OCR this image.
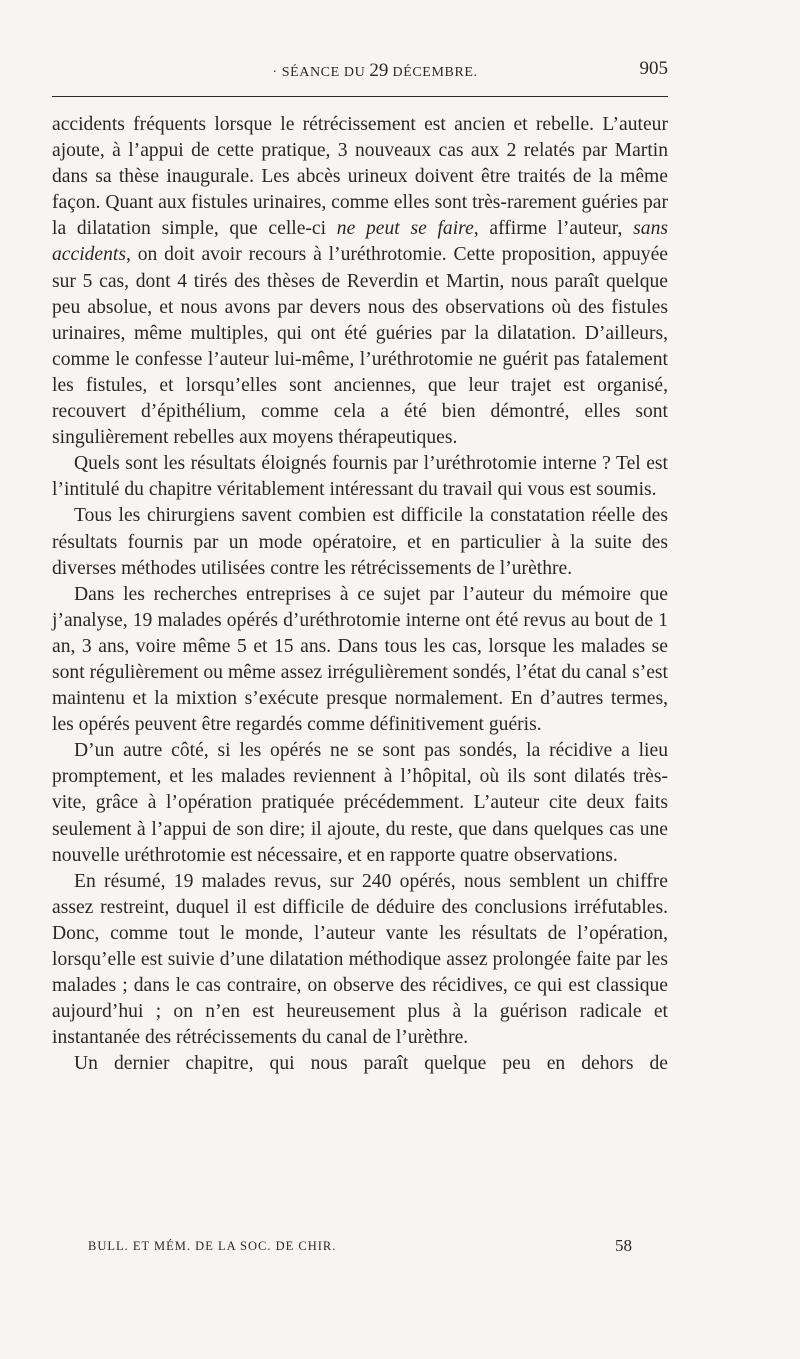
· SÉANCE DU 29 DÉCEMBRE.	905

accidents fréquents lorsque le rétrécissement est ancien et rebelle. L’auteur ajoute, à l’appui de cette pratique, 3 nouveaux cas aux 2 relatés par Martin dans sa thèse inaugurale. Les abcès urineux doivent être traités de la même façon. Quant aux fistules urinaires, comme elles sont très-rarement guéries par la dilatation simple, que celle-ci ne peut se faire, affirme l’auteur, sans accidents, on doit avoir recours à l’uréthrotomie. Cette proposition, appuyée sur 5 cas, dont 4 tirés des thèses de Reverdin et Martin, nous paraît quelque peu absolue, et nous avons par devers nous des observations où des fistules urinaires, même multiples, qui ont été guéries par la dilatation. D’ailleurs, comme le confesse l’auteur lui-même, l’uréthrotomie ne guérit pas fatalement les fistules, et lorsqu’elles sont anciennes, que leur trajet est organisé, recouvert d’épithélium, comme cela a été bien démontré, elles sont singulièrement rebelles aux moyens thérapeutiques.

Quels sont les résultats éloignés fournis par l’uréthrotomie interne ? Tel est l’intitulé du chapitre véritablement intéressant du travail qui vous est soumis.

Tous les chirurgiens savent combien est difficile la constatation réelle des résultats fournis par un mode opératoire, et en particulier à la suite des diverses méthodes utilisées contre les rétrécissements de l’urèthre.

Dans les recherches entreprises à ce sujet par l’auteur du mémoire que j’analyse, 19 malades opérés d’uréthrotomie interne ont été revus au bout de 1 an, 3 ans, voire même 5 et 15 ans. Dans tous les cas, lorsque les malades se sont régulièrement ou même assez irrégulièrement sondés, l’état du canal s’est maintenu et la mixtion s’exécute presque normalement. En d’autres termes, les opérés peuvent être regardés comme définitivement guéris.

D’un autre côté, si les opérés ne se sont pas sondés, la récidive a lieu promptement, et les malades reviennent à l’hôpital, où ils sont dilatés très-vite, grâce à l’opération pratiquée précédemment. L’auteur cite deux faits seulement à l’appui de son dire; il ajoute, du reste, que dans quelques cas une nouvelle uréthrotomie est nécessaire, et en rapporte quatre observations.

En résumé, 19 malades revus, sur 240 opérés, nous semblent un chiffre assez restreint, duquel il est difficile de déduire des conclusions irréfutables. Donc, comme tout le monde, l’auteur vante les résultats de l’opération, lorsqu’elle est suivie d’une dilatation méthodique assez prolongée faite par les malades ; dans le cas contraire, on observe des récidives, ce qui est classique aujourd’hui ; on n’en est heureusement plus à la guérison radicale et instantanée des rétrécissements du canal de l’urèthre.

Un dernier chapitre, qui nous paraît quelque peu en dehors de

BULL. ET MÉM. DE LA SOC. DE CHIR.	58
